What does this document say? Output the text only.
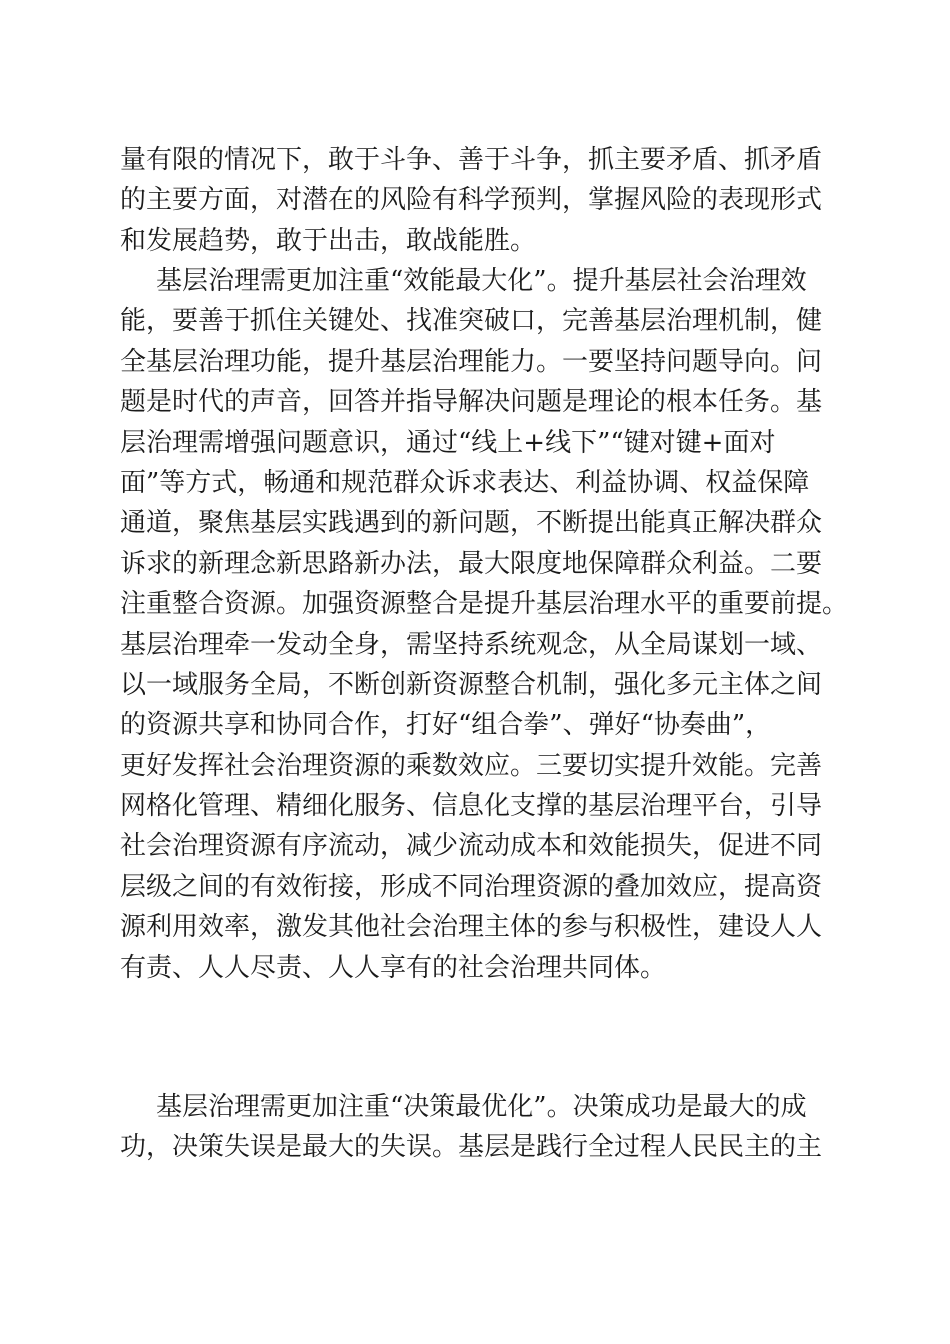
量有限的情况下，敢于斗争、善于斗争，抓主要矛盾、抓矛盾
的主要方面，对潜在的风险有科学预判，掌握风险的表现形式
和发展趋势，敢于出击，敢战能胜。
基层治理需更加注重“效能最大化”。提升基层社会治理效
能，要善于抓住关键处、找准突破口，完善基层治理机制，健
全基层治理功能，提升基层治理能力。一要坚持问题导向。问
题是时代的声音，回答并指导解决问题是理论的根本任务。基
层治理需增强问题意识，通过“线上+线下”“键对键+面对
面”等方式，畅通和规范群众诉求表达、利益协调、权益保障
通道，聚焦基层实践遇到的新问题，不断提出能真正解决群众
诉求的新理念新思路新办法，最大限度地保障群众利益。二要
注重整合资源。加强资源整合是提升基层治理水平的重要前提。
基层治理牵一发动全身，需坚持系统观念，从全局谋划一域、
以一域服务全局，不断创新资源整合机制，强化多元主体之间
的资源共享和协同合作，打好“组合拳”、弹好“协奏曲”，
更好发挥社会治理资源的乘数效应。三要切实提升效能。完善
网格化管理、精细化服务、信息化支撑的基层治理平台，引导
社会治理资源有序流动，减少流动成本和效能损失，促进不同
层级之间的有效衔接，形成不同治理资源的叠加效应，提高资
源利用效率，激发其他社会治理主体的参与积极性，建设人人
有责、人人尽责、人人享有的社会治理共同体。
基层治理需更加注重“决策最优化”。决策成功是最大的成
功，决策失误是最大的失误。基层是践行全过程人民民主的主
